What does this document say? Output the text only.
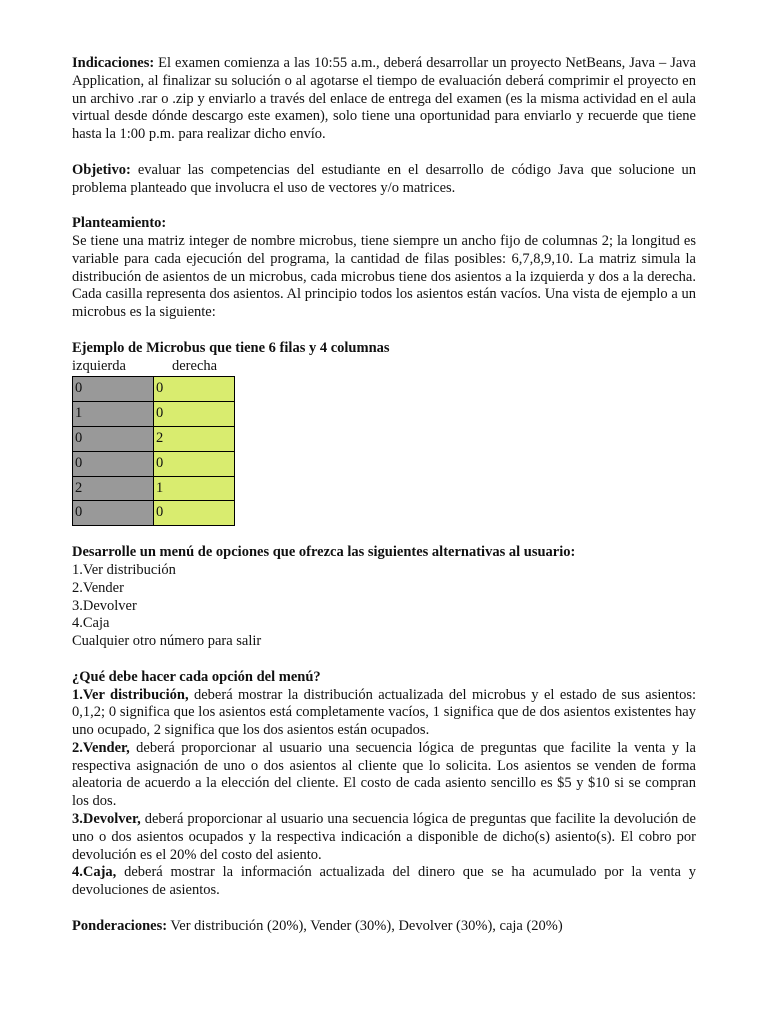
Indicaciones: El examen comienza a las 10:55 a.m., deberá desarrollar un proyecto NetBeans, Java – Java Application, al finalizar su solución o al agotarse el tiempo de evaluación deberá comprimir el proyecto en un archivo .rar o .zip y enviarlo a través del enlace de entrega del examen (es la misma actividad en el aula virtual desde dónde descargo este examen), solo tiene una oportunidad para enviarlo y recuerde que tiene hasta la 1:00 p.m. para realizar dicho envío.

Objetivo: evaluar las competencias del estudiante en el desarrollo de código Java que solucione un problema planteado que involucra el uso de vectores y/o matrices.

Planteamiento:

Se tiene una matriz integer de nombre microbus, tiene siempre un ancho fijo de columnas 2; la longitud es variable para cada ejecución del programa, la cantidad de filas posibles: 6,7,8,9,10. La matriz simula la distribución de asientos de un microbus, cada microbus tiene dos asientos a la izquierda y dos a la derecha. Cada casilla representa dos asientos. Al principio todos los asientos están vacíos. Una vista de ejemplo a un microbus es la siguiente:

Ejemplo de Microbus que tiene 6 filas y 4 columnas

izquierda	derecha
0	0
1	0
0	2
0	0
2	1
0	0

Desarrolle un menú de opciones que ofrezca las siguientes alternativas al usuario:

1.Ver distribución
2.Vender
3.Devolver
4.Caja
Cualquier otro número para salir

¿Qué debe hacer cada opción del menú?

1.Ver distribución, deberá mostrar la distribución actualizada del microbus y el estado de sus asientos: 0,1,2; 0 significa que los asientos está completamente vacíos, 1 significa que de dos asientos existentes hay uno ocupado, 2 significa que los dos asientos están ocupados.

2.Vender, deberá proporcionar al usuario una secuencia lógica de preguntas que facilite la venta y la respectiva asignación de uno o dos asientos al cliente que lo solicita. Los asientos se venden de forma aleatoria de acuerdo a la elección del cliente. El costo de cada asiento sencillo es $5 y $10 si se compran los dos.

3.Devolver, deberá proporcionar al usuario una secuencia lógica de preguntas que facilite la devolución de uno o dos asientos ocupados y la respectiva indicación a disponible de dicho(s) asiento(s). El cobro por devolución es el 20% del costo del asiento.

4.Caja, deberá mostrar la información actualizada del dinero que se ha acumulado por la venta y devoluciones de asientos.

Ponderaciones: Ver distribución (20%), Vender (30%), Devolver (30%), caja (20%)
